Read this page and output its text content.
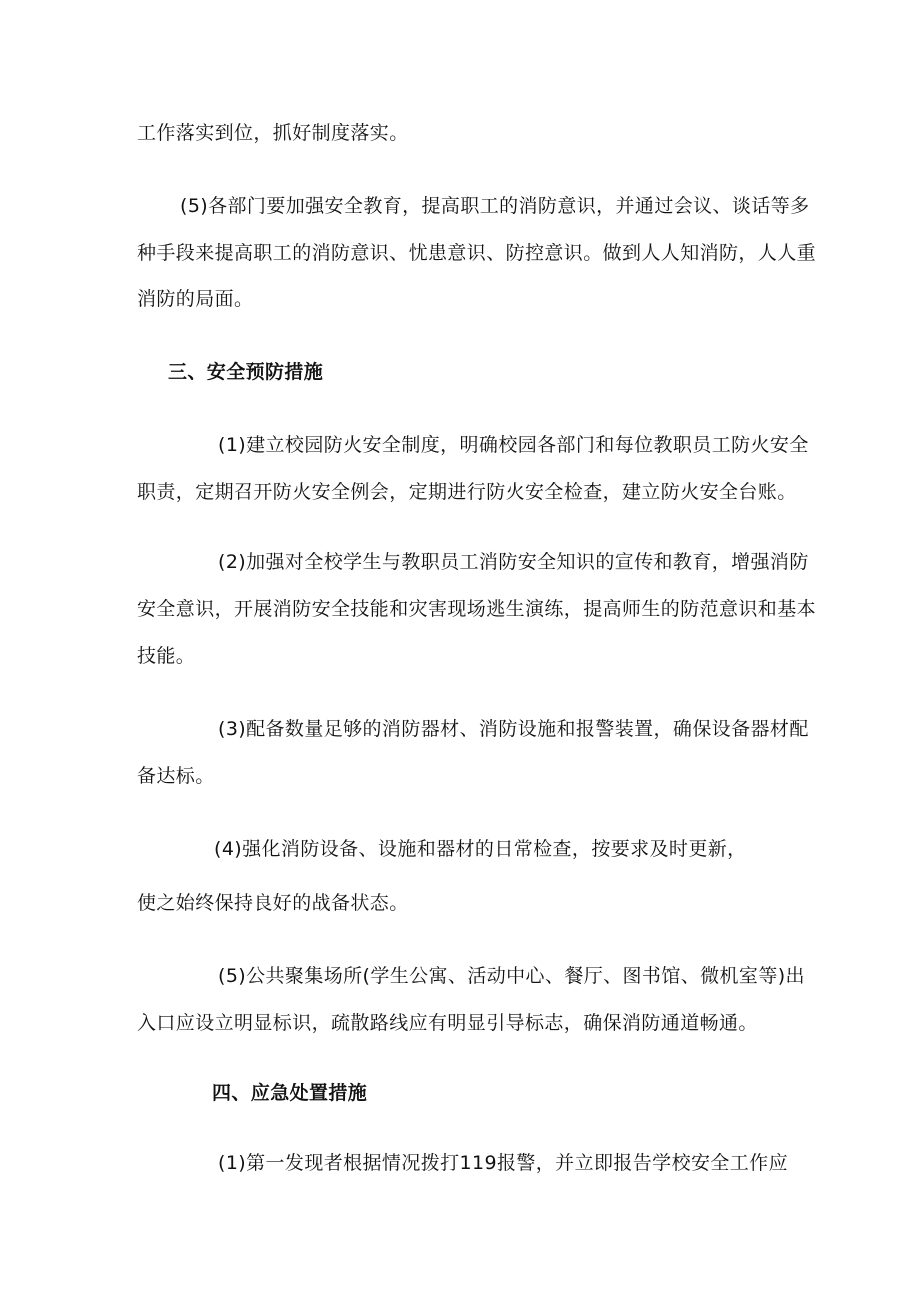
工作落实到位，抓好制度落实。
(5)各部门要加强安全教育，提高职工的消防意识，并通过会议、谈话等多
种手段来提高职工的消防意识、忧患意识、防控意识。做到人人知消防，人人重
消防的局面。
三、安全预防措施
(1)建立校园防火安全制度，明确校园各部门和每位教职员工防火安全
职责，定期召开防火安全例会，定期进行防火安全检查，建立防火安全台账。
(2)加强对全校学生与教职员工消防安全知识的宣传和教育，增强消防
安全意识，开展消防安全技能和灾害现场逃生演练，提高师生的防范意识和基本
技能。
(3)配备数量足够的消防器材、消防设施和报警装置，确保设备器材配
备达标。
(4)强化消防设备、设施和器材的日常检查，按要求及时更新，
使之始终保持良好的战备状态。
(5)公共聚集场所(学生公寓、活动中心、餐厅、图书馆、微机室等)出
入口应设立明显标识，疏散路线应有明显引导标志，确保消防通道畅通。
四、应急处置措施
(1)第一发现者根据情况拨打119报警，并立即报告学校安全工作应
